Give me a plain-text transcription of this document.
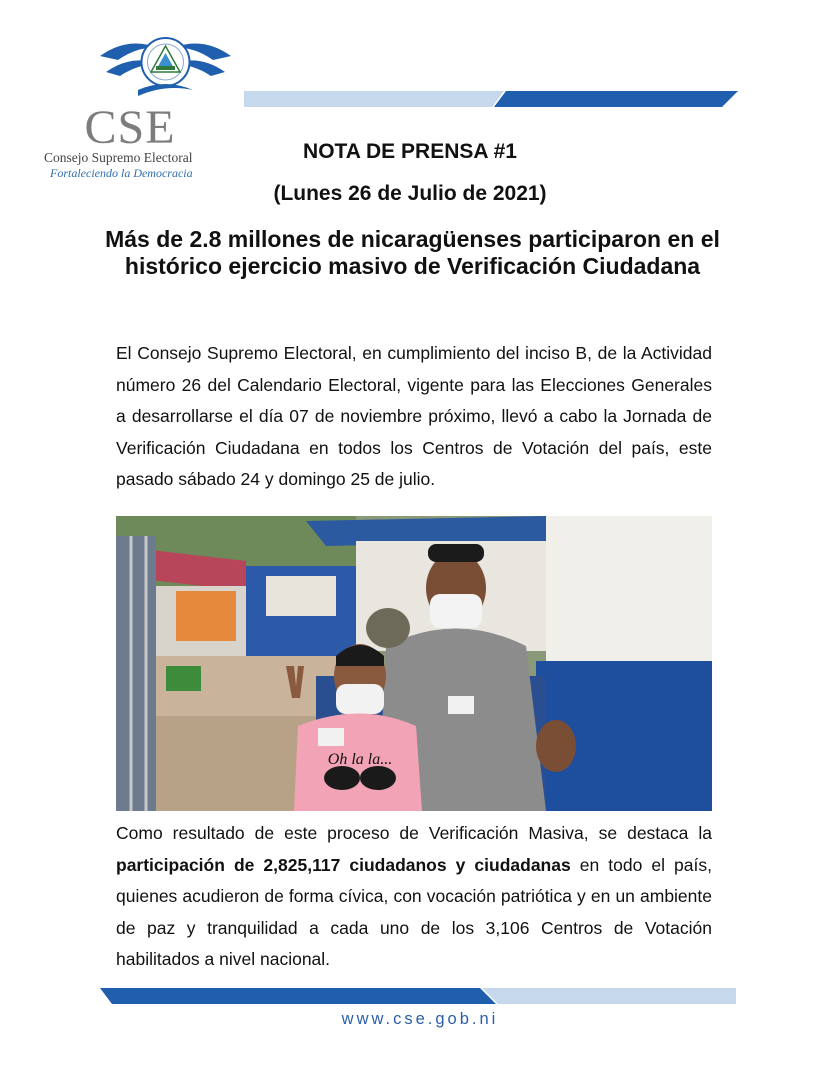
CSE
Consejo Supremo Electoral
Fortaleciendo la Democracia
NOTA DE PRENSA #1
(Lunes 26 de Julio de 2021)
Más de 2.8 millones de nicaragüenses participaron en el histórico ejercicio masivo de Verificación Ciudadana
El Consejo Supremo Electoral, en cumplimiento del inciso B, de la Actividad número 26 del Calendario Electoral, vigente para las Elecciones Generales a desarrollarse el día 07 de noviembre próximo, llevó a cabo la Jornada de Verificación Ciudadana en todos los Centros de Votación del país, este pasado sábado 24 y domingo 25 de julio.
Oh la la...
Como resultado de este proceso de Verificación Masiva, se destaca la participación de 2,825,117 ciudadanos y ciudadanas en todo el país, quienes acudieron de forma cívica, con vocación patriótica y en un ambiente de paz y tranquilidad a cada uno de los 3,106 Centros de Votación habilitados a nivel nacional.
www.cse.gob.ni
